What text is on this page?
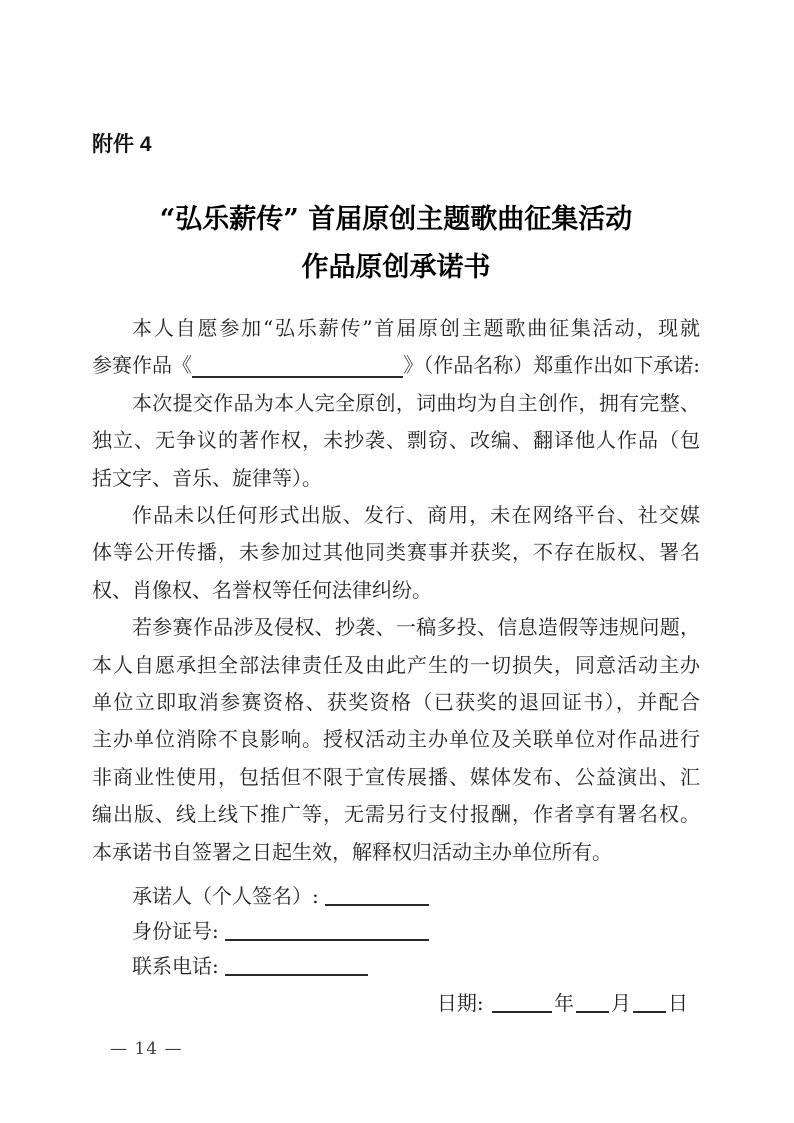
附件 4
“弘乐薪传” 首届原创主题歌曲征集活动
作品原创承诺书
本人自愿参加“弘乐薪传”首届原创主题歌曲征集活动，现就
参赛作品《	》（作品名称）郑重作出如下承诺:
本次提交作品为本人完全原创，词曲均为自主创作，拥有完整、
独立、无争议的著作权，未抄袭、剽窃、改编、翻译他人作品（包
括文字、音乐、旋律等）。
作品未以任何形式出版、发行、商用，未在网络平台、社交媒
体等公开传播，未参加过其他同类赛事并获奖，不存在版权、署名
权、肖像权、名誉权等任何法律纠纷。
若参赛作品涉及侵权、抄袭、一稿多投、信息造假等违规问题，
本人自愿承担全部法律责任及由此产生的一切损失，同意活动主办
单位立即取消参赛资格、获奖资格（已获奖的退回证书），并配合
主办单位消除不良影响。授权活动主办单位及关联单位对作品进行
非商业性使用，包括但不限于宣传展播、媒体发布、公益演出、汇
编出版、线上线下推广等，无需另行支付报酬，作者享有署名权。
本承诺书自签署之日起生效，解释权归活动主办单位所有。
承诺人（个人签名）:
身份证号:
联系电话:
日期:	年 月 日
— 14 —
